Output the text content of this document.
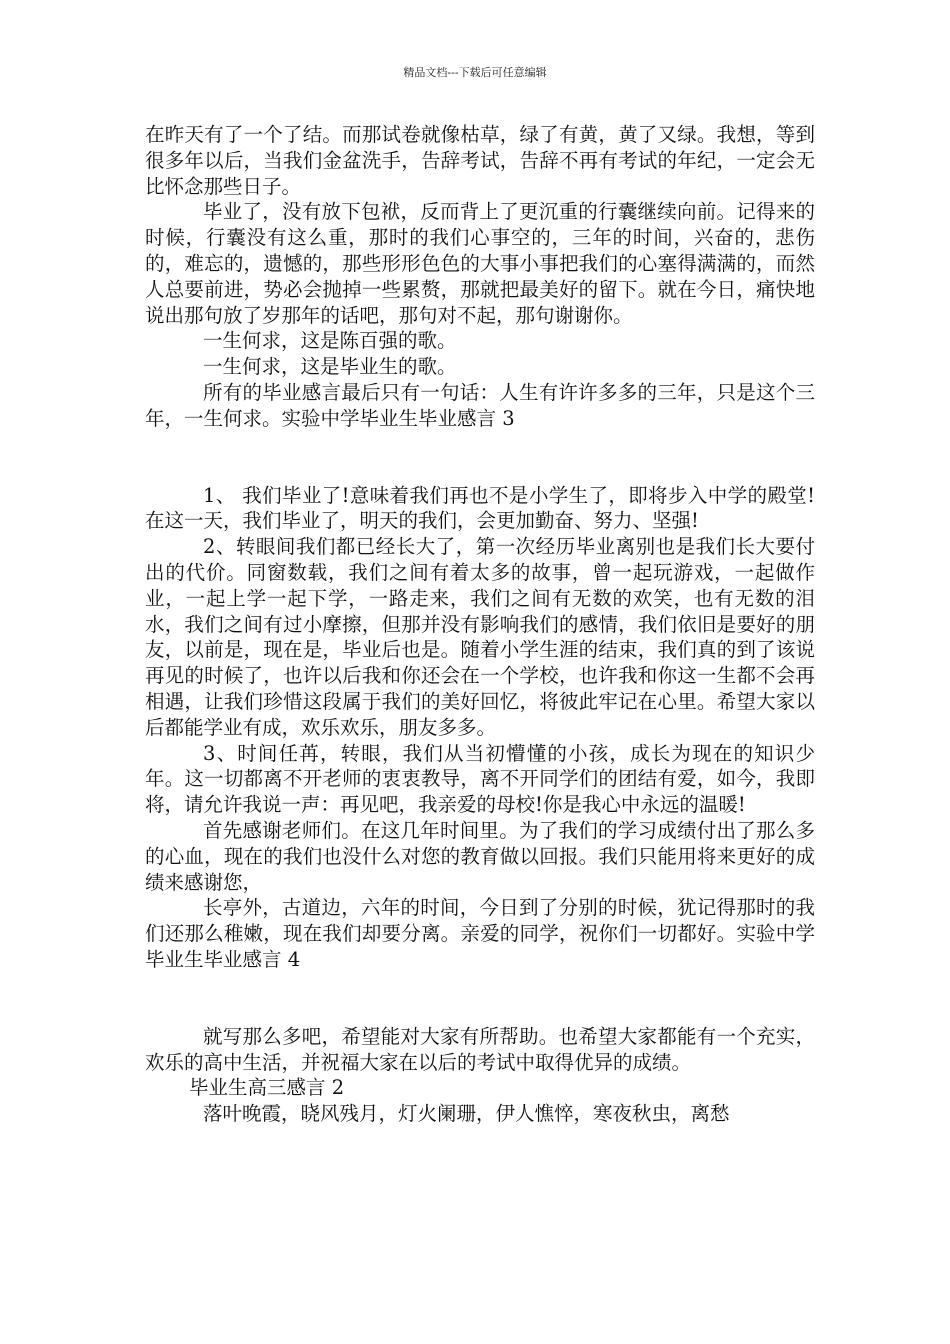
精品文档---下载后可任意编辑

在昨天有了一个了结。而那试卷就像枯草，绿了有黄，黄了又绿。我想，等到很多年以后，当我们金盆洗手，告辞考试，告辞不再有考试的年纪，一定会无比怀念那些日子。

毕业了，没有放下包袱，反而背上了更沉重的行囊继续向前。记得来的时候，行囊没有这么重，那时的我们心事空的，三年的时间，兴奋的，悲伤的，难忘的，遗憾的，那些形形色色的大事小事把我们的心塞得满满的，而然人总要前进，势必会抛掉一些累赘，那就把最美好的留下。就在今日，痛快地说出那句放了岁那年的话吧，那句对不起，那句谢谢你。

一生何求，这是陈百强的歌。

一生何求，这是毕业生的歌。

所有的毕业感言最后只有一句话：人生有许许多多的三年，只是这个三年，一生何求。实验中学毕业生毕业感言 3

1、 我们毕业了!意味着我们再也不是小学生了，即将步入中学的殿堂!在这一天，我们毕业了，明天的我们，会更加勤奋、努力、坚强!

2、转眼间我们都已经长大了，第一次经历毕业离别也是我们长大要付出的代价。同窗数载，我们之间有着太多的故事，曾一起玩游戏，一起做作业，一起上学一起下学，一路走来，我们之间有无数的欢笑，也有无数的泪水，我们之间有过小摩擦，但那并没有影响我们的感情，我们依旧是要好的朋友，以前是，现在是，毕业后也是。随着小学生涯的结束，我们真的到了该说再见的时候了，也许以后我和你还会在一个学校，也许我和你这一生都不会再相遇，让我们珍惜这段属于我们的美好回忆，将彼此牢记在心里。希望大家以后都能学业有成，欢乐欢乐，朋友多多。

3、时间任苒，转眼，我们从当初懵懂的小孩，成长为现在的知识少年。这一切都离不开老师的衷衷教导，离不开同学们的团结有爱，如今，我即将，请允许我说一声：再见吧，我亲爱的母校!你是我心中永远的温暖!

首先感谢老师们。在这几年时间里。为了我们的学习成绩付出了那么多的心血，现在的我们也没什么对您的教育做以回报。我们只能用将来更好的成绩来感谢您，

长亭外，古道边，六年的时间，今日到了分别的时候，犹记得那时的我们还那么稚嫩，现在我们却要分离。亲爱的同学，祝你们一切都好。实验中学毕业生毕业感言 4

就写那么多吧，希望能对大家有所帮助。也希望大家都能有一个充实，欢乐的高中生活，并祝福大家在以后的考试中取得优异的成绩。

毕业生高三感言 2

落叶晚霞，晓风残月，灯火阑珊，伊人憔悴，寒夜秋虫，离愁
